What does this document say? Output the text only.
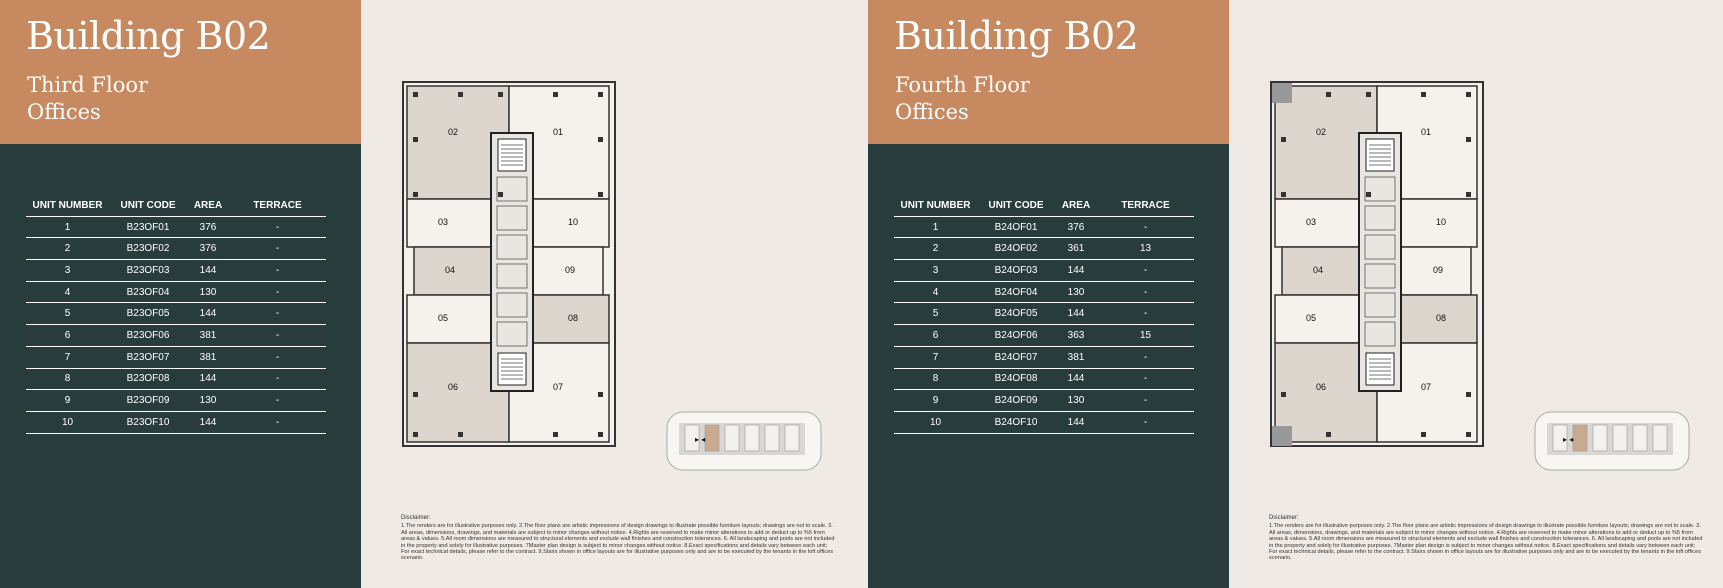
Building B02
Third Floor
Offices
UNIT NUMBER	UNIT CODE	AREA	TERRACE
1	B23OF01	376	-
2	B23OF02	376	-
3	B23OF03	144	-
4	B23OF04	130	-
5	B23OF05	144	-
6	B23OF06	381	-
7	B23OF07	381	-
8	B23OF08	144	-
9	B23OF09	130	-
10	B23OF10	144	-
Disclaimer:
1.The renders are for illustrative purposes only. 2.The floor plans are artistic impressions of design drawings to illustrate possible furniture layouts; drawings are not to scale. 3. All areas, dimensions, drawings, and materials are subject to minor changes without notice. 4.Rights are reserved to make minor alterations to add or deduct up to %5 from areas & values. 5.All room dimensions are measured to structural elements and exclude wall finishes and construction tolerances. 6. All landscaping and pools are not included in the property and solely for illustrative purposes. 7Master plan design is subject to minor changes without notice. 8.Exact specifications and details vary between each unit; For exact technical details, please refer to the contract. 9.Stairs shown in office layouts are for illustrative purposes only and are to be executed by the tenants in the loft offices scenario.
02	01
03	10
04	09
05	08
06	07
▸ ◂
Building B02
Fourth Floor
Offices
UNIT NUMBER	UNIT CODE	AREA	TERRACE
1	B24OF01	376	-
2	B24OF02	361	13
3	B24OF03	144	-
4	B24OF04	130	-
5	B24OF05	144	-
6	B24OF06	363	15
7	B24OF07	381	-
8	B24OF08	144	-
9	B24OF09	130	-
10	B24OF10	144	-
Disclaimer:
1.The renders are for illustrative purposes only. 2.The floor plans are artistic impressions of design drawings to illustrate possible furniture layouts; drawings are not to scale. 3. All areas, dimensions, drawings, and materials are subject to minor changes without notice. 4.Rights are reserved to make minor alterations to add or deduct up to %5 from areas & values. 5.All room dimensions are measured to structural elements and exclude wall finishes and construction tolerances. 6. All landscaping and pools are not included in the property and solely for illustrative purposes. 7Master plan design is subject to minor changes without notice. 8.Exact specifications and details vary between each unit; For exact technical details, please refer to the contract. 9.Stairs shown in office layouts are for illustrative purposes only and are to be executed by the tenants in the loft offices scenario.
02	01
03	10
04	09
05	08
06	07
▸ ◂
